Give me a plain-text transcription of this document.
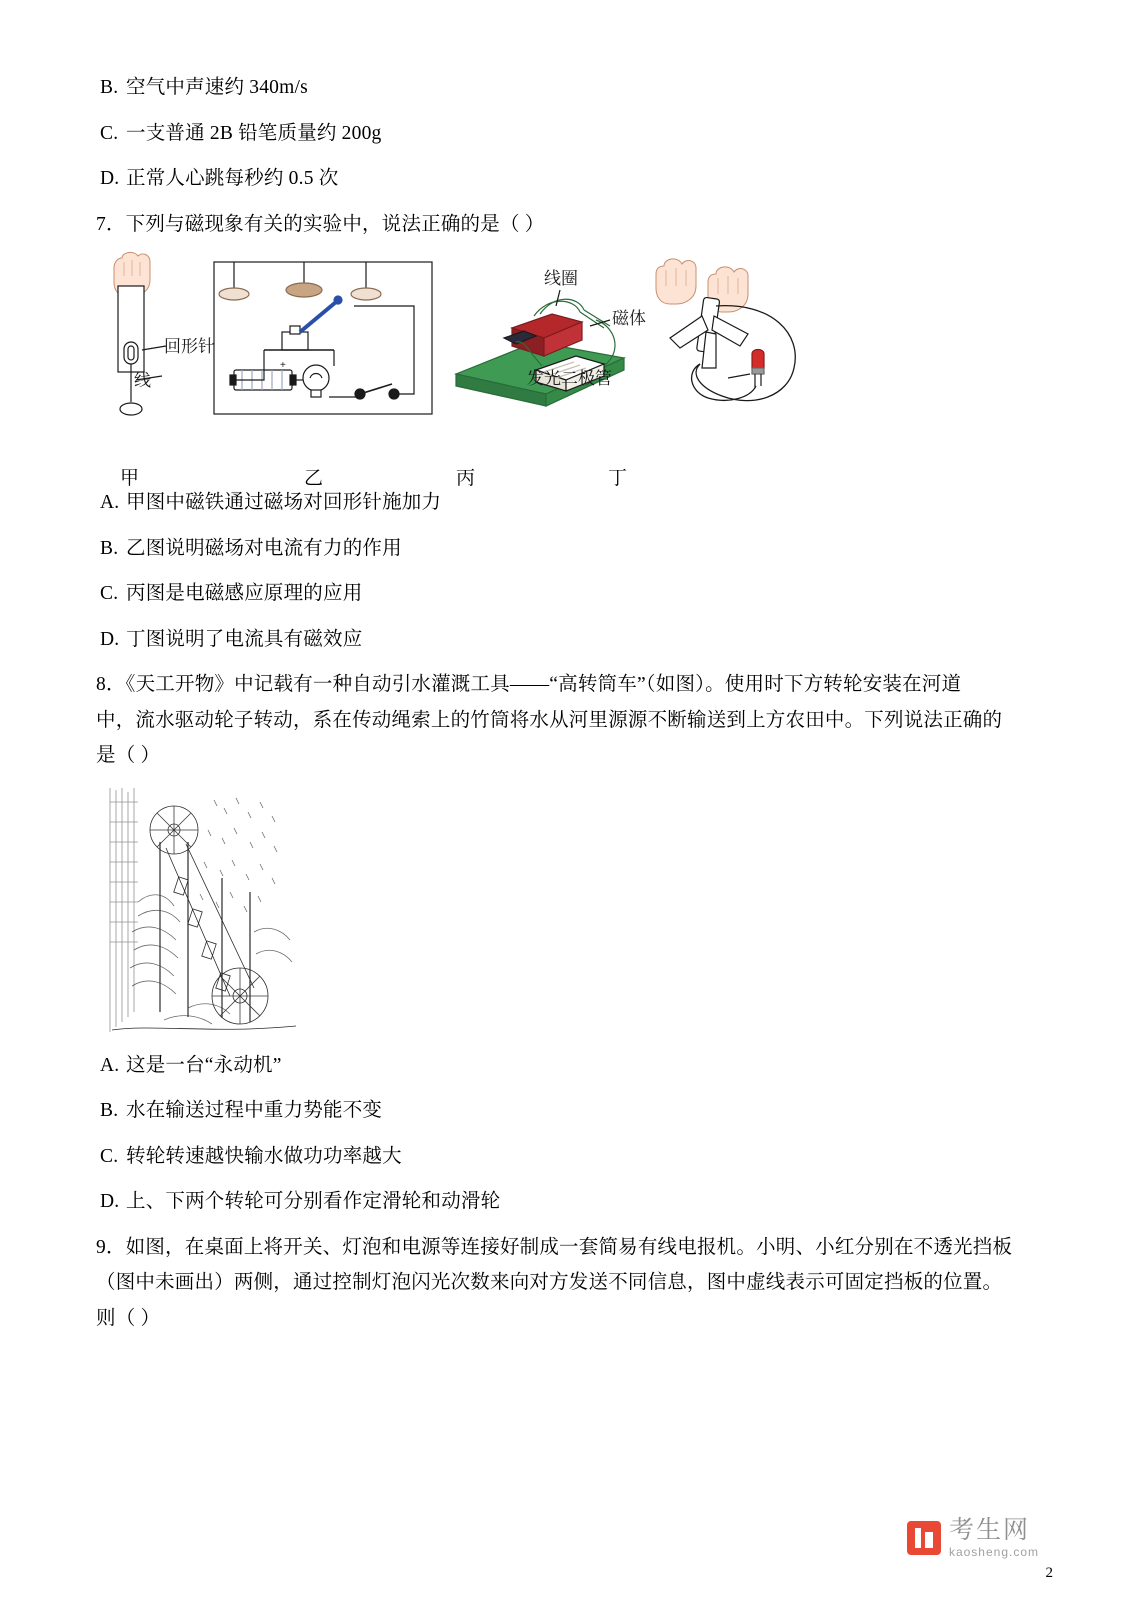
B. 空气中声速约 340m/s
C. 一支普通 2B 铅笔质量约 200g
D. 正常人心跳每秒约 0.5 次
7．下列与磁现象有关的实验中，说法正确的是（ ）
+
回形针
线
线圈
磁体
发光二极管
甲	乙	丙	丁
A. 甲图中磁铁通过磁场对回形针施加力
B. 乙图说明磁场对电流有力的作用
C. 丙图是电磁感应原理的应用
D. 丁图说明了电流具有磁效应
8．《天工开物》中记载有一种自动引水灌溉工具——“高转筒车”（如图）。使用时下方转轮安装在河道
中，流水驱动轮子转动，系在传动绳索上的竹筒将水从河里源源不断输送到上方农田中。下列说法正确的
是（ ）
A. 这是一台“永动机”
B. 水在输送过程中重力势能不变
C. 转轮转速越快输水做功功率越大
D. 上、下两个转轮可分别看作定滑轮和动滑轮
9．如图，在桌面上将开关、灯泡和电源等连接好制成一套简易有线电报机。小明、小红分别在不透光挡板
（图中未画出）两侧，通过控制灯泡闪光次数来向对方发送不同信息，图中虚线表示可固定挡板的位置。
则（ ）
考生网
kaosheng.com
2
